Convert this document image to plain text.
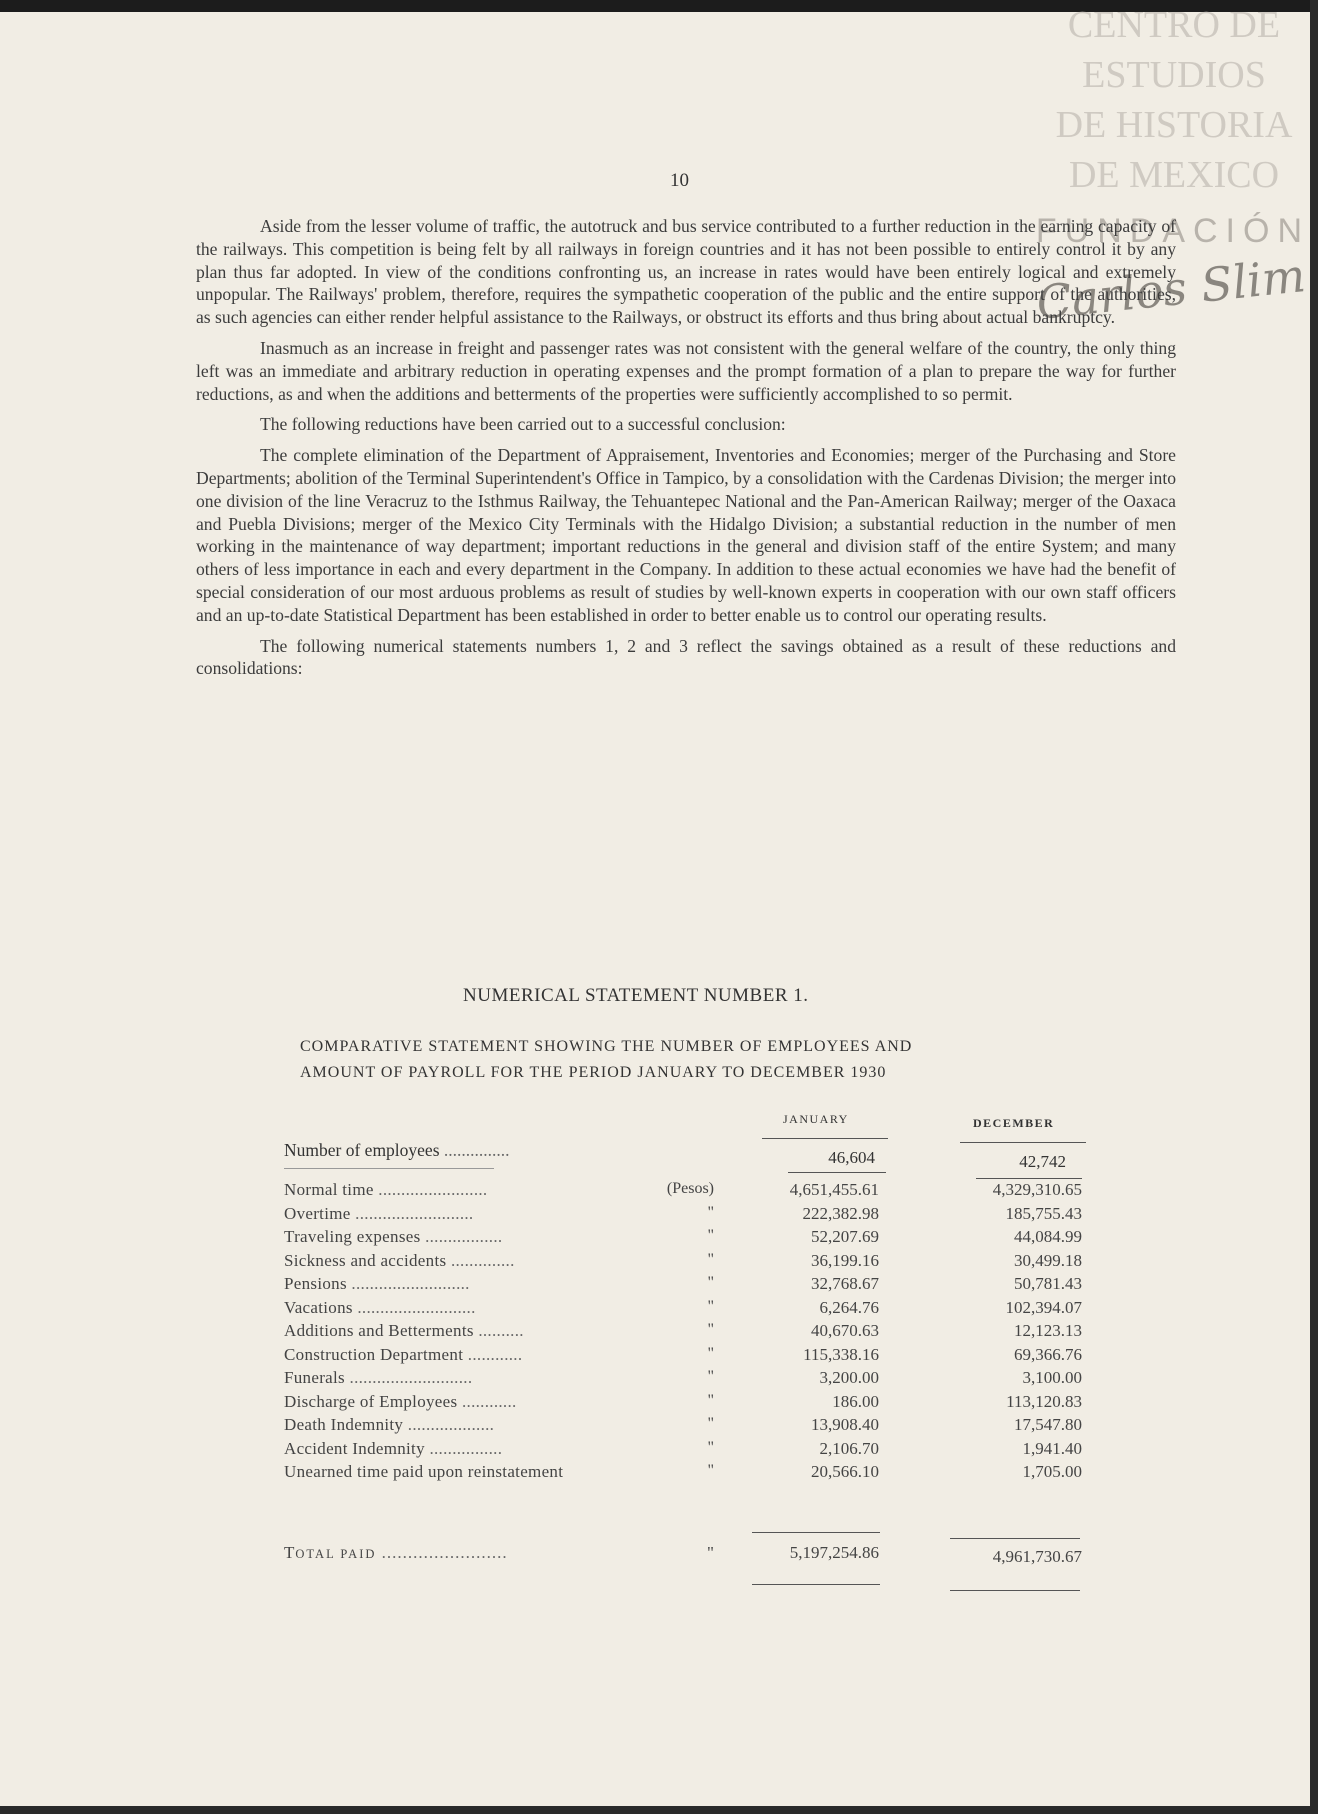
CENTRO DE
ESTUDIOS
DE HISTORIA
DE MEXICO
FUNDACIÓN
Carlos Slim
10

Aside from the lesser volume of traffic, the autotruck and bus service contributed to a further reduction in the earning capacity of the railways. This competition is being felt by all railways in foreign countries and it has not been possible to entirely control it by any plan thus far adopted. In view of the conditions confronting us, an increase in rates would have been entirely logical and extremely unpopular. The Railways' problem, therefore, requires the sympathetic cooperation of the public and the entire support of the authorities, as such agencies can either render helpful assistance to the Railways, or obstruct its efforts and thus bring about actual bankruptcy.

Inasmuch as an increase in freight and passenger rates was not consistent with the general welfare of the country, the only thing left was an immediate and arbitrary reduction in operating expenses and the prompt formation of a plan to prepare the way for further reductions, as and when the additions and betterments of the properties were sufficiently accomplished to so permit.

The following reductions have been carried out to a successful conclusion:

The complete elimination of the Department of Appraisement, Inventories and Economies; merger of the Purchasing and Store Departments; abolition of the Terminal Superintendent's Office in Tampico, by a consolidation with the Cardenas Division; the merger into one division of the line Veracruz to the Isthmus Railway, the Tehuantepec National and the Pan-American Railway; merger of the Oaxaca and Puebla Divisions; merger of the Mexico City Terminals with the Hidalgo Division; a substantial reduction in the number of men working in the maintenance of way department; important reductions in the general and division staff of the entire System; and many others of less importance in each and every department in the Company. In addition to these actual economies we have had the benefit of special consideration of our most arduous problems as result of studies by well-known experts in cooperation with our own staff officers and an up-to-date Statistical Department has been established in order to better enable us to control our operating results.

The following numerical statements numbers 1, 2 and 3 reflect the savings obtained as a result of these reductions and consolidations:

NUMERICAL STATEMENT NUMBER 1.
COMPARATIVE STATEMENT SHOWING THE NUMBER OF EMPLOYEES AND
AMOUNT OF PAYROLL FOR THE PERIOD JANUARY TO DECEMBER 1930
JANUARY	DECEMBER
Number of employees ...............	46,604	42,742
Normal time ........................	(Pesos)	4,651,455.61	4,329,310.65
Overtime ..........................	"	222,382.98	185,755.43
Traveling expenses .................	"	52,207.69	44,084.99
Sickness and accidents ..............	"	36,199.16	30,499.18
Pensions ..........................	"	32,768.67	50,781.43
Vacations ..........................	"	6,264.76	102,394.07
Additions and Betterments ..........	"	40,670.63	12,123.13
Construction Department ............	"	115,338.16	69,366.76
Funerals ...........................	"	3,200.00	3,100.00
Discharge of Employees ............	"	186.00	113,120.83
Death Indemnity ...................	"	13,908.40	17,547.80
Accident Indemnity ................	"	2,106.70	1,941.40
Unearned time paid upon reinstatement	"	20,566.10	1,705.00
TOTAL PAID ........................	"	5,197,254.86	4,961,730.67
